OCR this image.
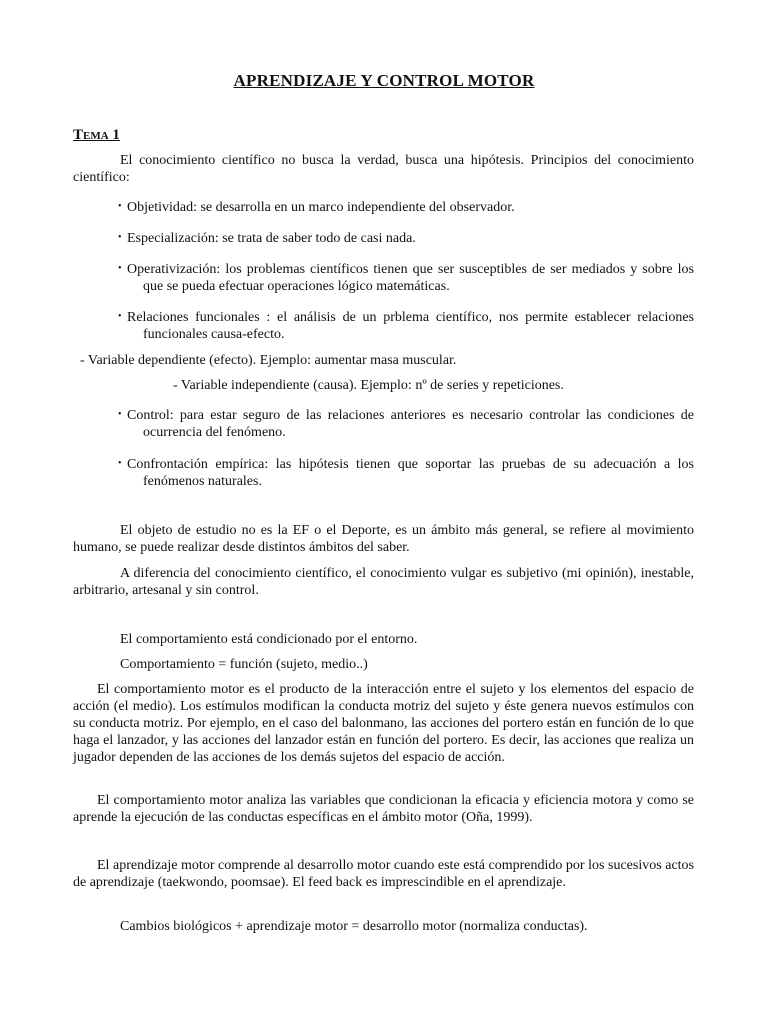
APRENDIZAJE Y CONTROL MOTOR
Tema 1
El conocimiento científico no busca la verdad, busca una hipótesis. Principios del conocimiento científico:
• Objetividad: se desarrolla en un marco independiente del observador.
• Especialización: se trata de saber todo de casi nada.
• Operativización: los problemas científicos tienen que ser susceptibles de ser mediados y sobre los que se pueda efectuar operaciones lógico matemáticas.
• Relaciones funcionales : el análisis de un prblema científico, nos permite establecer relaciones funcionales causa-efecto.
- Variable dependiente (efecto). Ejemplo: aumentar masa muscular.
- Variable independiente (causa). Ejemplo: nº de series y repeticiones.
• Control: para estar seguro de las relaciones anteriores es necesario controlar las condiciones de ocurrencia del fenómeno.
• Confrontación empírica: las hipótesis tienen que soportar las pruebas de su adecuación a los fenómenos naturales.
El objeto de estudio no es la EF o el Deporte, es un ámbito más general, se refiere al movimiento humano, se puede realizar desde distintos ámbitos del saber.
A diferencia del conocimiento científico, el conocimiento vulgar es subjetivo (mi opinión), inestable, arbitrario, artesanal y sin control.
El comportamiento está condicionado por el entorno.
Comportamiento = función (sujeto, medio..)
El comportamiento motor es el producto de la interacción entre el sujeto y los elementos del espacio de acción (el medio). Los estímulos modifican la conducta motriz del sujeto y éste genera nuevos estímulos con su conducta motriz. Por ejemplo, en el caso del balonmano, las acciones del portero están en función de lo que haga el lanzador, y las acciones del lanzador están en función del portero. Es decir, las acciones que realiza un jugador dependen de las acciones de los demás sujetos del espacio de acción.
El comportamiento motor analiza las variables que condicionan la eficacia y eficiencia motora y como se aprende la ejecución de las conductas específicas en el ámbito motor (Oña, 1999).
El aprendizaje motor comprende al desarrollo motor cuando este está comprendido por los sucesivos actos de aprendizaje (taekwondo, poomsae). El feed back es imprescindible en el aprendizaje.
Cambios biológicos + aprendizaje motor = desarrollo motor (normaliza conductas).
